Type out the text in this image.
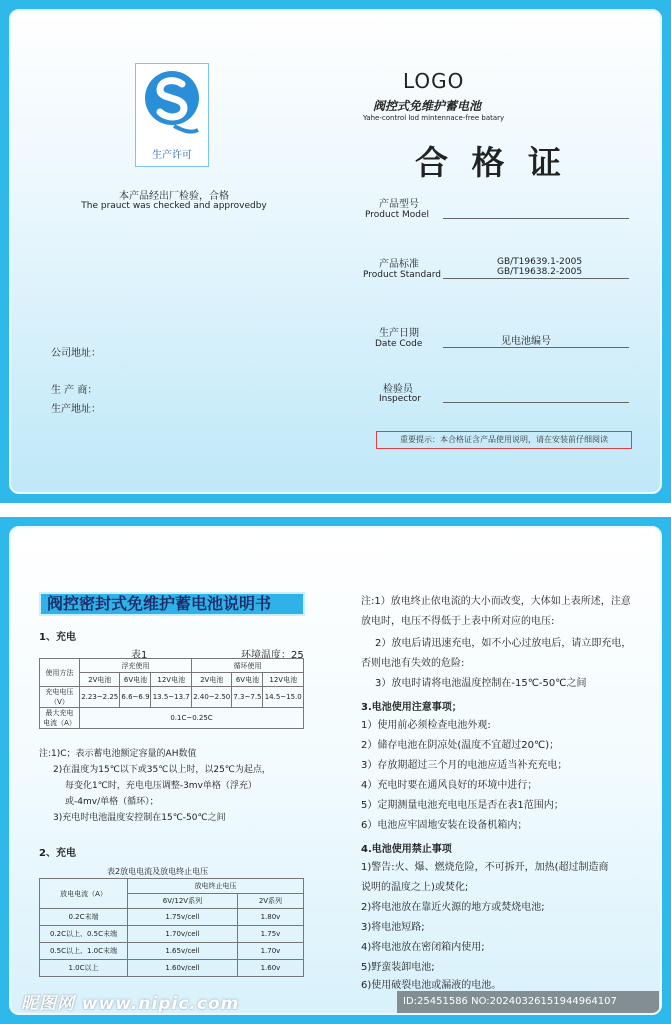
生产许可
本产品经出厂检验，合格
The prauct was checked and approvedby
公司地址：
生 产 商：
生产地址：
LOGO
阀控式免维护蓄电池
Yahe-control lod mintennace-free batary
合 格 证
产品型号
Product Model
产品标准
Product Standard
GB/T19639.1-2005
GB/T19638.2-2005
生产日期
Date Code	见电池编号
检验员
Inspector
重要提示：本合格证含产品使用说明，请在安装前仔细阅读
阀控密封式免维护蓄电池说明书
1、充电
表1	环境温度：25
使用方法	浮充使用			循环使用		
	2V电池	6V电池	12V电池	2V电池	6V电池	12V电池

充电电压
（V）	2.23~2.25	6.6~6.9	13.5~13.7	2.40~2.50	7.3~7.5	14.5~15.0

最大充电
电流（A）	0.1C~0.25C					
注:1)C；表示蓄电池额定容量的AH数值
2)在温度为15℃以下或35℃以上时，以25℃为起点，
每变化1℃时，充电电压调整-3mv单格（浮充）
或-4mv/单格（循环）；
3)充电时电池温度安控制在15℃-50℃之间
2、充电
表2放电电流及放电终止电压
放电电流（A）	放电终止电压	
	6V/12V系列	2V系列
0.2C末端	1.75v/cell	1.80v
0.2C以上、0.5C末端	1.70v/cell	1.75v
0.5C以上、1.0C末端	1.65v/cell	1.70v
1.0C以上	1.60v/cell	1.60v
注:1）放电终止依电流的大小而改变，大体如上表所述，注意
放电时，电压不得低于上表中所对应的电压:
2）放电后请迅速充电，如不小心过放电后，请立即充电，
否则电池有失效的危险:
3）放电时请将电池温度控制在-15℃-50℃之间
3.电池使用注意事项；
1）使用前必须检查电池外观:
2）储存电池在阴凉处(温度不宜超过20℃)；
3）存放期超过三个月的电池应适当补充充电；
4）充电时要在通风良好的环境中进行；
5）定期测量电池充电电压是否在表1范围内；
6）电池应牢固地安装在设备机箱内；
4.电池使用禁止事项
1)警告:火、爆、燃烧危险，不可拆开，加热(超过制造商
说明的温度之上)或焚化;
2)将电池放在靠近火源的地方或焚烧电池;
3)将电池短路;
4)将电池放在密闭箱内使用;
5)野蛮装卸电池;
6)使用破裂电池或漏液的电池。
昵图网 www.nipic.com	ID:25451586 NO:20240326151944964107
